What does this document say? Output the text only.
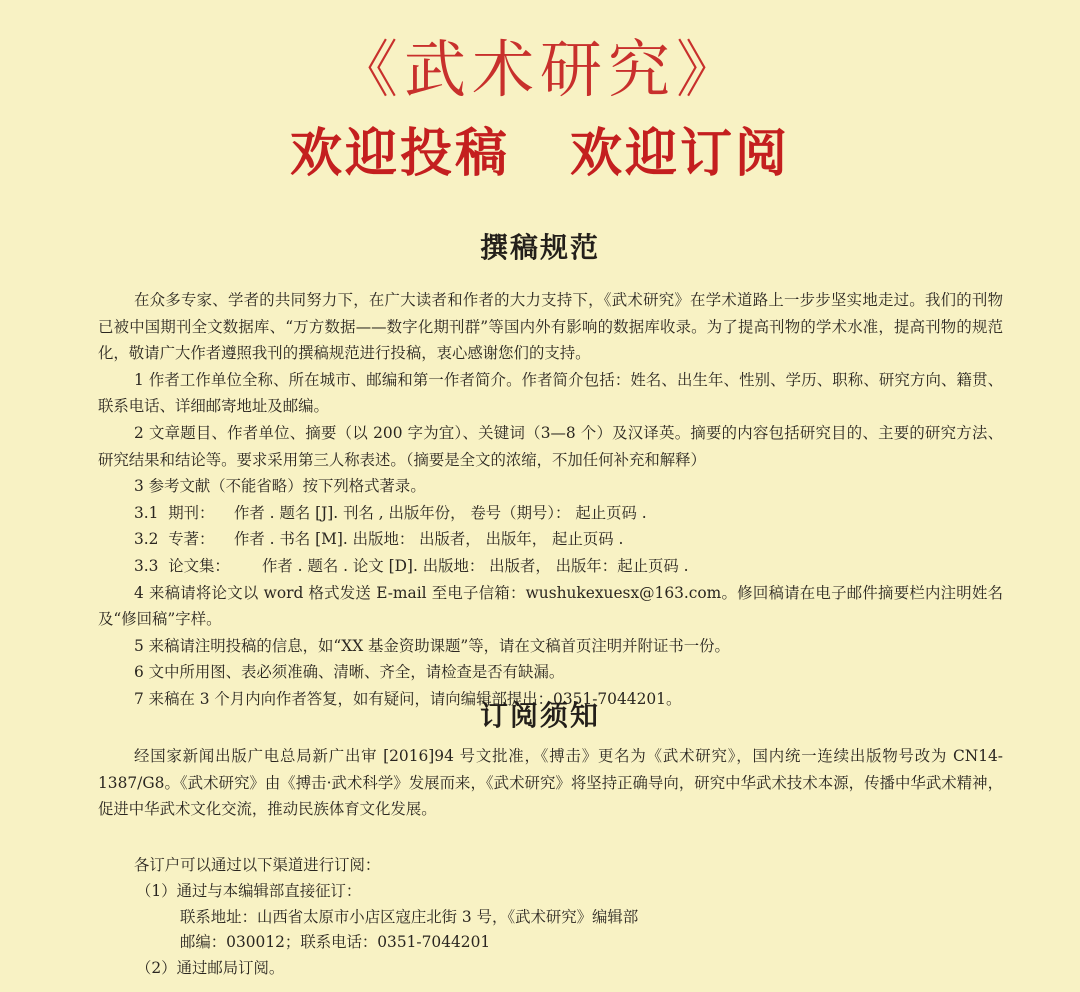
《武术研究》
欢迎投稿 欢迎订阅
撰稿规范

在众多专家、学者的共同努力下，在广大读者和作者的大力支持下，《武术研究》在学术道路上一步步坚实地走过。我们的刊物已被中国期刊全文数据库、“万方数据——数字化期刊群”等国内外有影响的数据库收录。为了提高刊物的学术水准，提高刊物的规范化，敬请广大作者遵照我刊的撰稿规范进行投稿，衷心感谢您们的支持。

1 作者工作单位全称、所在城市、邮编和第一作者简介。作者简介包括：姓名、出生年、性别、学历、职称、研究方向、籍贯、联系电话、详细邮寄地址及邮编。

2 文章题目、作者单位、摘要（以 200 字为宜）、关键词（3—8 个）及汉译英。摘要的内容包括研究目的、主要的研究方法、研究结果和结论等。要求采用第三人称表述。（摘要是全文的浓缩，不加任何补充和解释）

3 参考文献（不能省略）按下列格式著录。

3.1  期刊： 作者 . 题名 [J]. 刊名 , 出版年份， 卷号（期号）： 起止页码 .

3.2  专著： 作者 . 书名 [M]. 出版地： 出版者， 出版年， 起止页码 .

3.3  论文集： 作者 . 题名 . 论文 [D]. 出版地： 出版者， 出版年：起止页码 .

4 来稿请将论文以 word 格式发送 E-mail 至电子信箱：wushukexuesx@163.com。修回稿请在电子邮件摘要栏内注明姓名及“修回稿”字样。

5 来稿请注明投稿的信息，如“XX 基金资助课题”等，请在文稿首页注明并附证书一份。

6 文中所用图、表必须准确、清晰、齐全，请检查是否有缺漏。

7 来稿在 3 个月内向作者答复，如有疑问，请向编辑部提出：0351-7044201。

订阅须知

经国家新闻出版广电总局新广出审 [2016]94 号文批准，《搏击》更名为《武术研究》，国内统一连续出版物号改为 CN14-1387/G8。《武术研究》由《搏击·武术科学》发展而来，《武术研究》将坚持正确导向，研究中华武术技术本源，传播中华武术精神，促进中华武术文化交流，推动民族体育文化发展。

各订户可以通过以下渠道进行订阅：
（1）通过与本编辑部直接征订：
联系地址：山西省太原市小店区寇庄北街 3 号，《武术研究》编辑部
邮编：030012；联系电话：0351-7044201
（2）通过邮局订阅。
